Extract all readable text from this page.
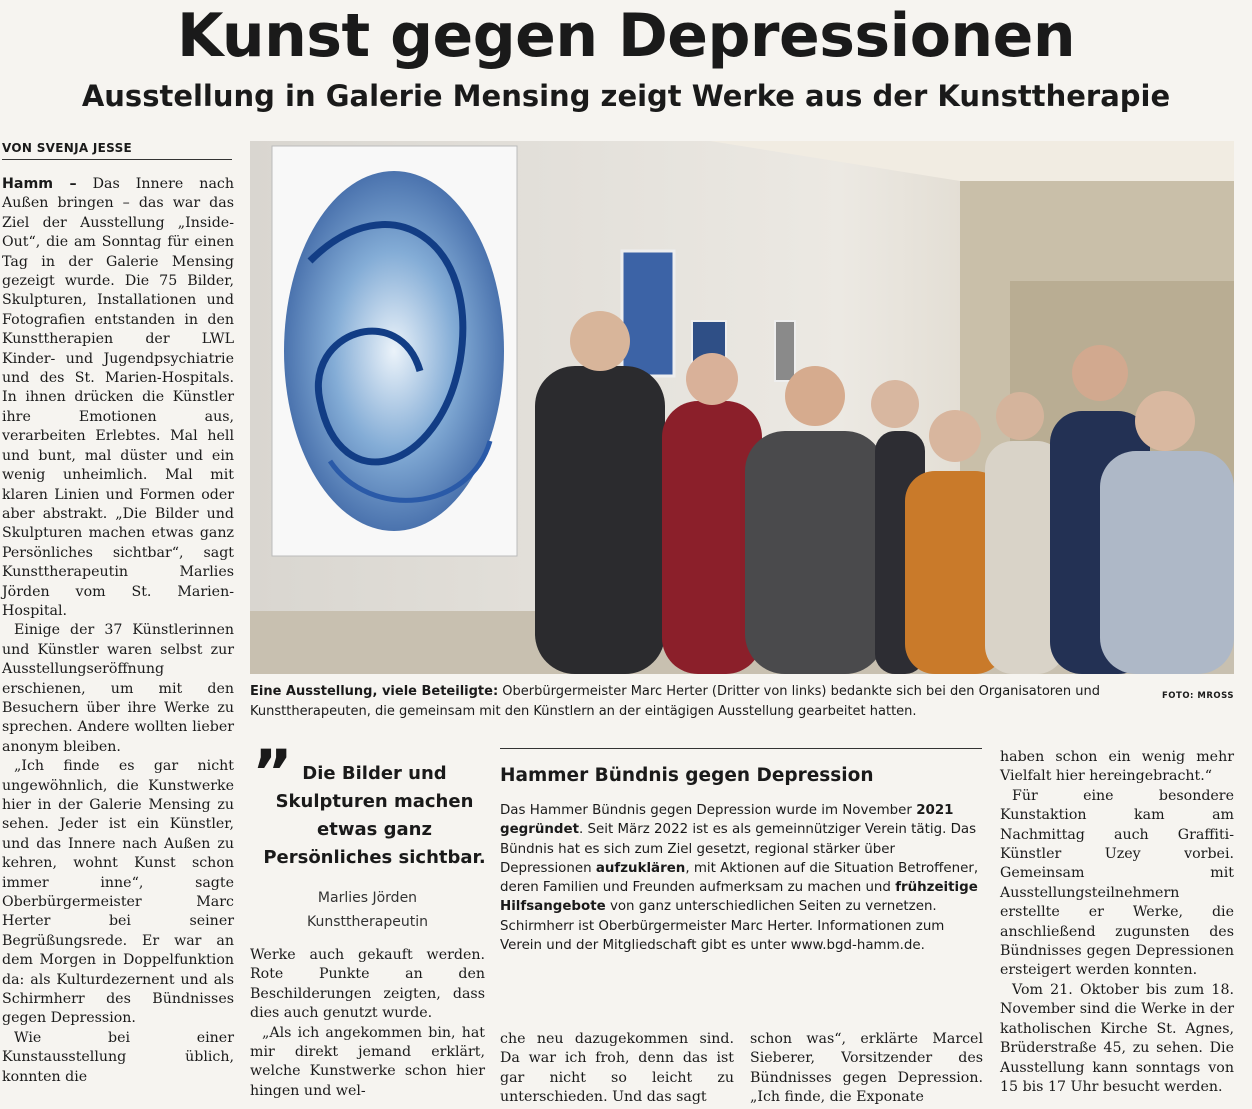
Kunst gegen Depressionen
Ausstellung in Galerie Mensing zeigt Werke aus der Kunsttherapie
VON SVENJA JESSE

Hamm – Das Innere nach Außen bringen – das war das Ziel der Ausstellung „Inside-Out“, die am Sonntag für einen Tag in der Galerie Mensing gezeigt wurde. Die 75 Bilder, Skulpturen, Installationen und Fotografien entstanden in den Kunsttherapien der LWL Kinder- und Jugendpsychiatrie und des St. Marien-Hospitals. In ihnen drücken die Künstler ihre Emotionen aus, verarbeiten Erlebtes. Mal hell und bunt, mal düster und ein wenig unheimlich. Mal mit klaren Linien und Formen oder aber abstrakt. „Die Bilder und Skulpturen machen etwas ganz Persönliches sichtbar“, sagt Kunsttherapeutin Marlies Jörden vom St. Marien-Hospital.

Einige der 37 Künstlerinnen und Künstler waren selbst zur Ausstellungseröffnung erschienen, um mit den Besuchern über ihre Werke zu sprechen. Andere wollten lieber anonym bleiben.

„Ich finde es gar nicht ungewöhnlich, die Kunstwerke hier in der Galerie Mensing zu sehen. Jeder ist ein Künstler, und das Innere nach Außen zu kehren, wohnt Kunst schon immer inne“, sagte Oberbürgermeister Marc Herter bei seiner Begrüßungsrede. Er war an dem Morgen in Doppelfunktion da: als Kulturdezernent und als Schirmherr des Bündnisses gegen Depression.

Wie bei einer Kunstausstellung üblich, konnten die

FOTO: MROSS
Eine Ausstellung, viele Beteiligte: Oberbürgermeister Marc Herter (Dritter von links) bedankte sich bei den Organisatoren und Kunsttherapeuten, die gemeinsam mit den Künstlern an der eintägigen Ausstellung gearbeitet hatten.
” Die Bilder und Skulpturen machen etwas ganz Persönliches sichtbar.
Marlies Jörden
Kunsttherapeutin

Werke auch gekauft werden. Rote Punkte an den Beschilderungen zeigten, dass dies auch genutzt wurde.

„Als ich angekommen bin, hat mir direkt jemand erklärt, welche Kunstwerke schon hier hingen und wel-

Hammer Bündnis gegen Depression

Das Hammer Bündnis gegen Depression wurde im November 2021 gegründet. Seit März 2022 ist es als gemeinnütziger Verein tätig. Das Bündnis hat es sich zum Ziel gesetzt, regional stärker über Depressionen aufzuklären, mit Aktionen auf die Situation Betroffener, deren Familien und Freunden aufmerksam zu machen und frühzeitige Hilfsangebote von ganz unterschiedlichen Seiten zu vernetzen. Schirmherr ist Oberbürgermeister Marc Herter. Informationen zum Verein und der Mitgliedschaft gibt es unter www.bgd-hamm.de.

che neu dazugekommen sind. Da war ich froh, denn das ist gar nicht so leicht zu unterschieden. Und das sagt

schon was“, erklärte Marcel Sieberer, Vorsitzender des Bündnisses gegen Depression. „Ich finde, die Exponate

haben schon ein wenig mehr Vielfalt hier hereingebracht.“

Für eine besondere Kunstaktion kam am Nachmittag auch Graffiti-Künstler Uzey vorbei. Gemeinsam mit Ausstellungsteilnehmern erstellte er Werke, die anschließend zugunsten des Bündnisses gegen Depressionen ersteigert werden konnten.

Vom 21. Oktober bis zum 18. November sind die Werke in der katholischen Kirche St. Agnes, Brüderstraße 45, zu sehen. Die Ausstellung kann sonntags von 15 bis 17 Uhr besucht werden.
